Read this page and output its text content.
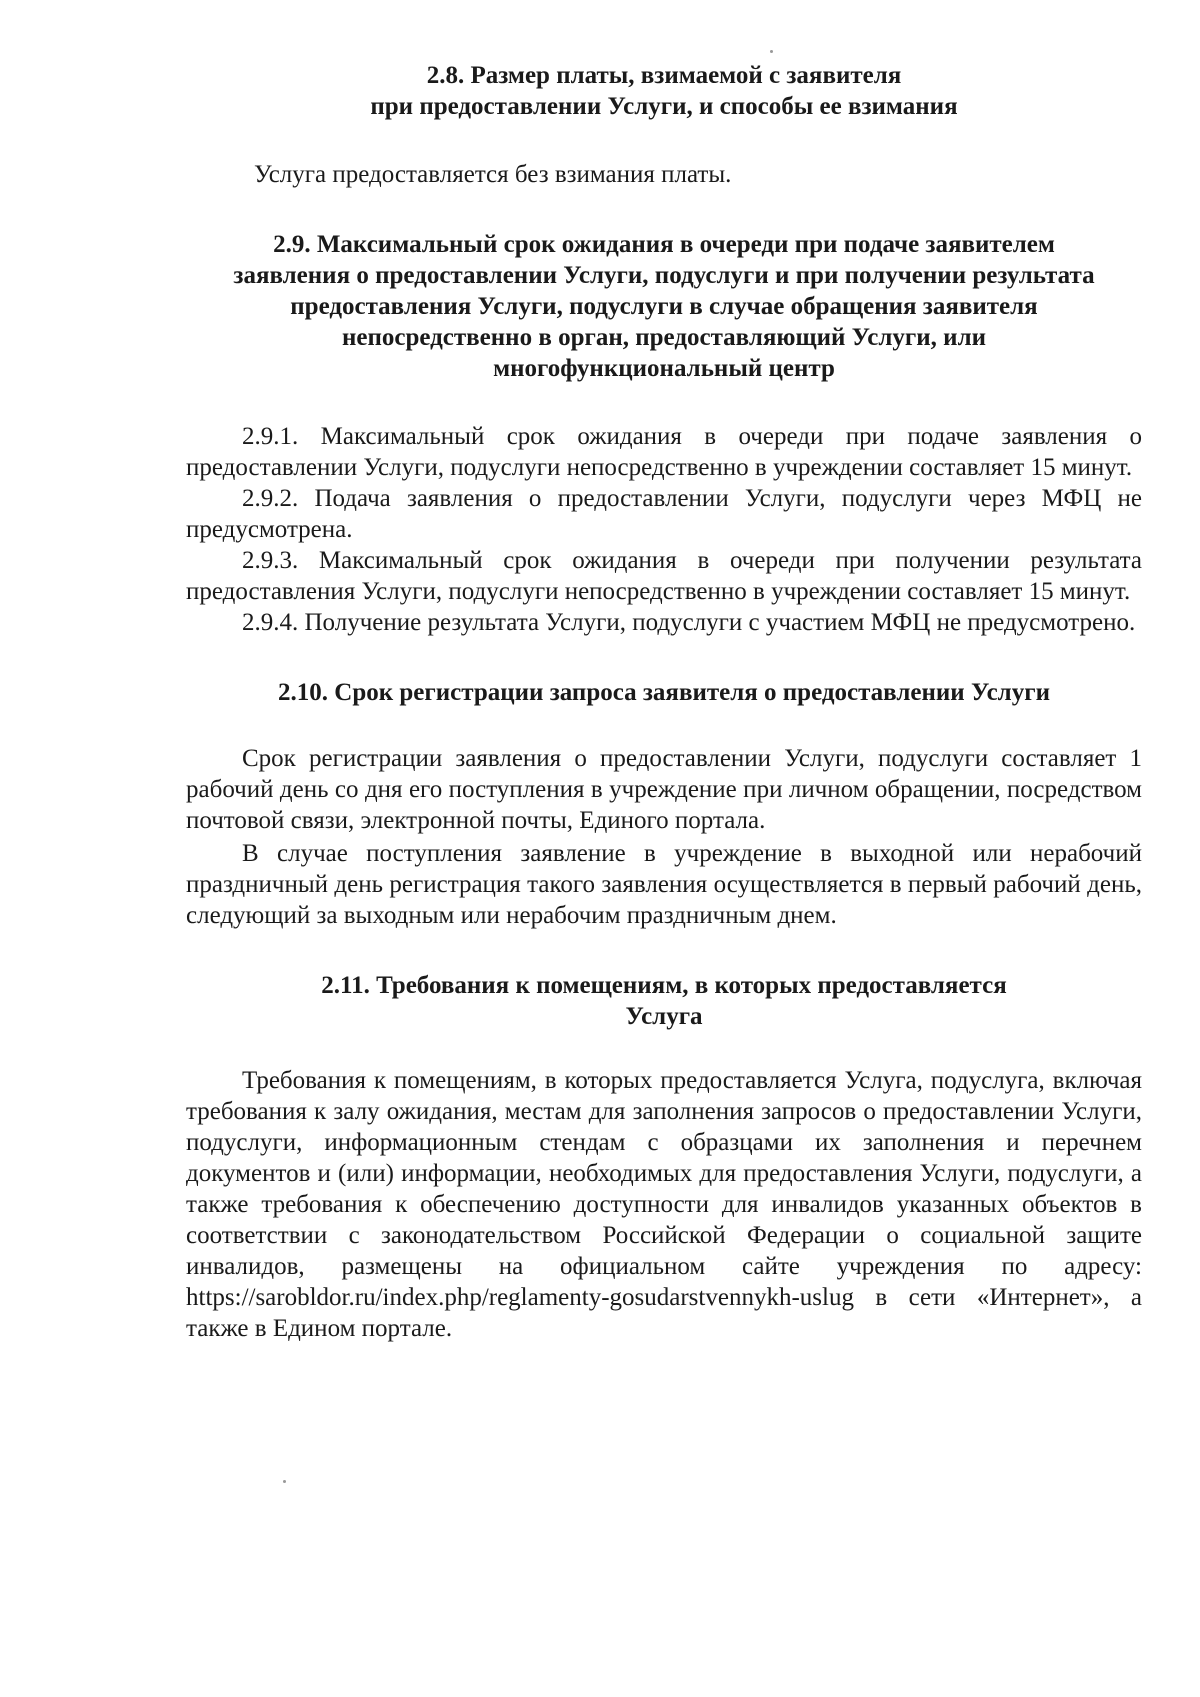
2.8. Размер платы, взимаемой с заявителя
при предоставлении Услуги, и способы ее взимания

Услуга предоставляется без взимания платы.

2.9. Максимальный срок ожидания в очереди при подаче заявителем
заявления о предоставлении Услуги, подуслуги и при получении результата
предоставления Услуги, подуслуги в случае обращения заявителя
непосредственно в орган, предоставляющий Услуги, или
многофункциональный центр

2.9.1. Максимальный срок ожидания в очереди при подаче заявления о предоставлении Услуги, подуслуги непосредственно в учреждении составляет 15 минут.

2.9.2. Подача заявления о предоставлении Услуги, подуслуги через МФЦ не предусмотрена.

2.9.3. Максимальный срок ожидания в очереди при получении результата предоставления Услуги, подуслуги непосредственно в учреждении составляет 15 минут.

2.9.4. Получение результата Услуги, подуслуги с участием МФЦ не предусмотрено.

2.10. Срок регистрации запроса заявителя о предоставлении Услуги

Срок регистрации заявления о предоставлении Услуги, подуслуги составляет 1 рабочий день со дня его поступления в учреждение при личном обращении, посредством почтовой связи, электронной почты, Единого портала.

В случае поступления заявление в учреждение в выходной или нерабочий праздничный день регистрация такого заявления осуществляется в первый рабочий день, следующий за выходным или нерабочим праздничным днем.

2.11. Требования к помещениям, в которых предоставляется
Услуга

Требования к помещениям, в которых предоставляется Услуга, подуслуга, включая требования к залу ожидания, местам для заполнения запросов о предоставлении Услуги, подуслуги, информационным стендам с образцами их заполнения и перечнем документов и (или) информации, необходимых для предоставления Услуги, подуслуги, а также требования к обеспечению доступности для инвалидов указанных объектов в соответствии с законодательством Российской Федерации о социальной защите инвалидов, размещены на официальном сайте учреждения по адресу: https://sarobldor.ru/index.php/reglamenty-gosudarstvennykh-uslug в сети «Интернет», а также в Едином портале.
